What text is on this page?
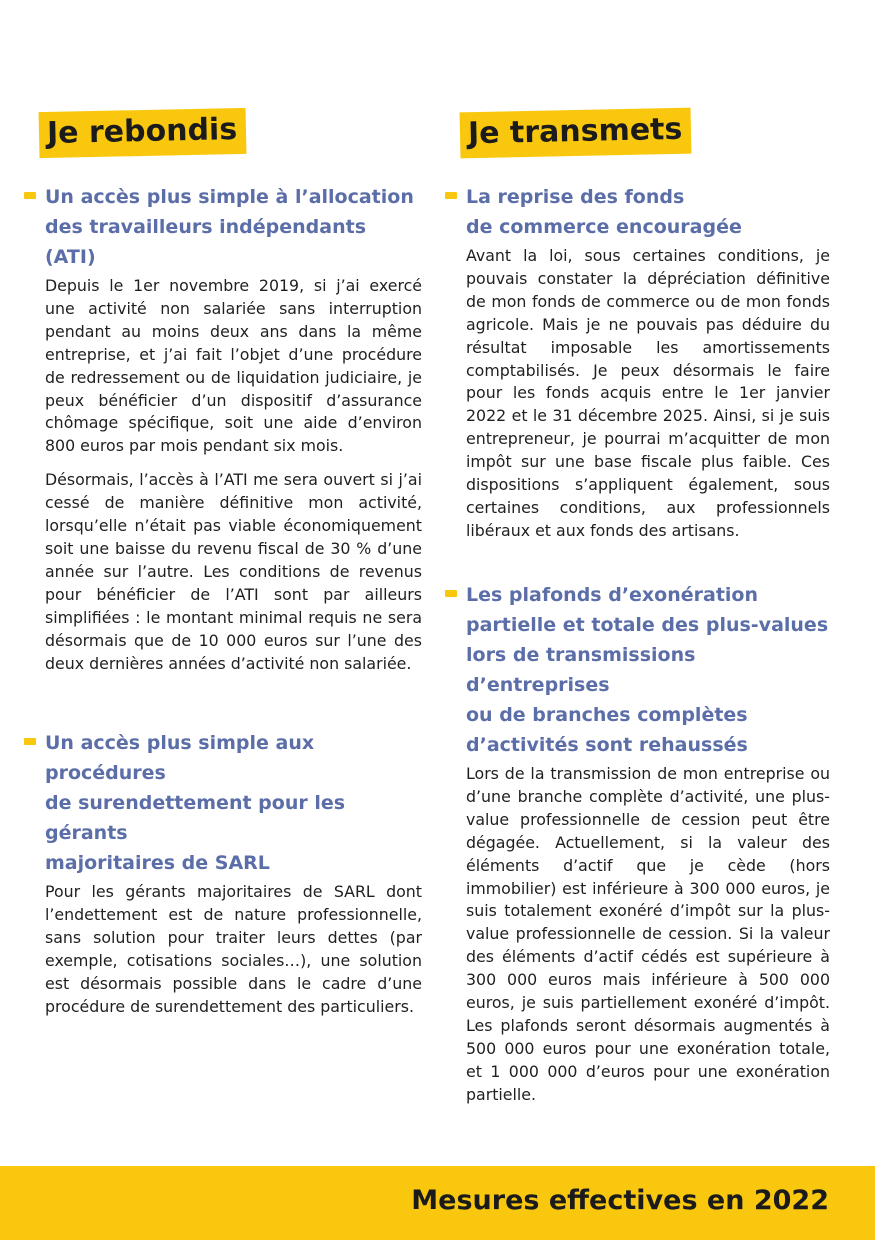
Je rebondis
Un accès plus simple à l’allocation
des travailleurs indépendants (ATI)

Depuis le 1er novembre 2019, si j’ai exercé une activité non salariée sans interruption pendant au moins deux ans dans la même entreprise, et j’ai fait l’objet d’une procédure de redressement ou de liquidation judiciaire, je peux bénéficier d’un dispositif d’assurance chômage spécifique, soit une aide d’environ 800 euros par mois pendant six mois.

Désormais, l’accès à l’ATI me sera ouvert si j’ai cessé de manière définitive mon activité, lorsqu’elle n’était pas viable économiquement soit une baisse du revenu fiscal de 30 % d’une année sur l’autre. Les conditions de revenus pour bénéficier de l’ATI sont par ailleurs simplifiées : le montant minimal requis ne sera désormais que de 10 000 euros sur l’une des deux dernières années d’activité non salariée.

Un accès plus simple aux procédures
de surendettement pour les gérants
majoritaires de SARL

Pour les gérants majoritaires de SARL dont l’endettement est de nature professionnelle, sans solution pour traiter leurs dettes (par exemple, cotisations sociales…), une solution est désormais possible dans le cadre d’une procédure de surendettement des particuliers.

Je transmets
La reprise des fonds
de commerce encouragée

Avant la loi, sous certaines conditions, je pouvais constater la dépréciation définitive de mon fonds de commerce ou de mon fonds agricole. Mais je ne pouvais pas déduire du résultat imposable les amortissements comptabilisés. Je peux désormais le faire pour les fonds acquis entre le 1er janvier 2022 et le 31 décembre 2025. Ainsi, si je suis entrepreneur, je pourrai m’acquitter de mon impôt sur une base fiscale plus faible. Ces dispositions s’appliquent également, sous certaines conditions, aux professionnels libéraux et aux fonds des artisans.

Les plafonds d’exonération
partielle et totale des plus-values
lors de transmissions d’entreprises
ou de branches complètes
d’activités sont rehaussés

Lors de la transmission de mon entreprise ou d’une branche complète d’activité, une plus-value professionnelle de cession peut être dégagée. Actuellement, si la valeur des éléments d’actif que je cède (hors immobilier) est inférieure à 300 000 euros, je suis totalement exonéré d’impôt sur la plus-value professionnelle de cession. Si la valeur des éléments d’actif cédés est supérieure à 300 000 euros mais inférieure à 500 000 euros, je suis partiellement exonéré d’impôt. Les plafonds seront désormais augmentés à 500 000 euros pour une exonération totale, et 1 000 000 d’euros pour une exonération partielle.

Mesures effectives en 2022
